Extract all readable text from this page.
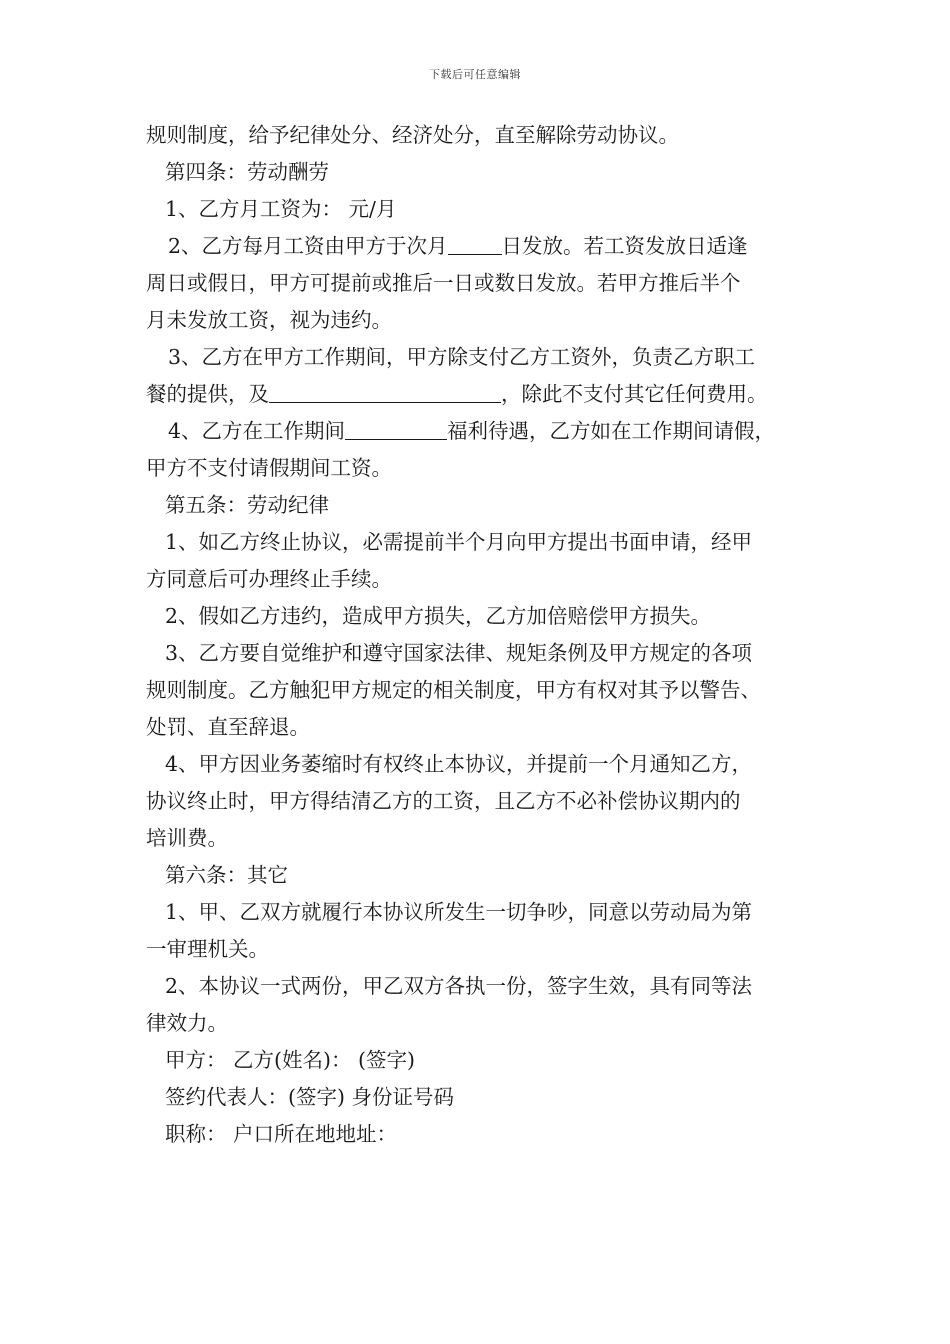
下载后可任意编辑
规则制度，给予纪律处分、经济处分，直至解除劳动协议。
第四条：劳动酬劳
1、乙方月工资为： 元/月
2、乙方每月工资由甲方于次月	日发放。若工资发放日适逢
周日或假日，甲方可提前或推后一日或数日发放。若甲方推后半个
月未发放工资，视为违约。
3、乙方在甲方工作期间，甲方除支付乙方工资外，负责乙方职工
餐的提供，及	，除此不支付其它任何费用。
4、乙方在工作期间	福利待遇，乙方如在工作期间请假，
甲方不支付请假期间工资。
第五条：劳动纪律
1、如乙方终止协议，必需提前半个月向甲方提出书面申请，经甲
方同意后可办理终止手续。
2、假如乙方违约，造成甲方损失，乙方加倍赔偿甲方损失。
3、乙方要自觉维护和遵守国家法律、规矩条例及甲方规定的各项
规则制度。乙方触犯甲方规定的相关制度，甲方有权对其予以警告、
处罚、直至辞退。
4、甲方因业务萎缩时有权终止本协议，并提前一个月通知乙方，
协议终止时，甲方得结清乙方的工资，且乙方不必补偿协议期内的
培训费。
第六条：其它
1、甲、乙双方就履行本协议所发生一切争吵，同意以劳动局为第
一审理机关。
2、本协议一式两份，甲乙双方各执一份，签字生效，具有同等法
律效力。
甲方： 乙方(姓名)： (签字)
签约代表人：(签字) 身份证号码
职称： 户口所在地地址：
